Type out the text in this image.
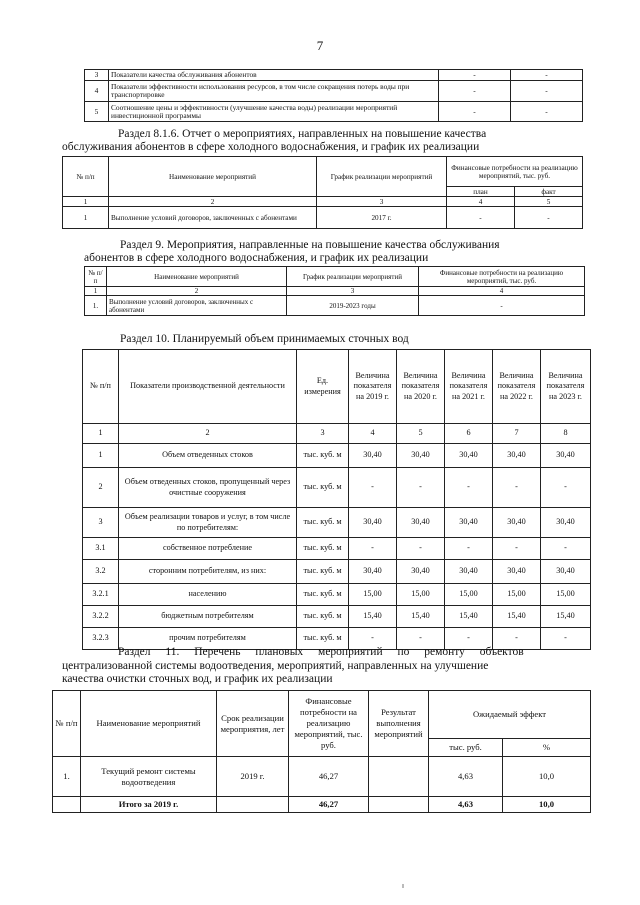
7
3	Показатели качества обслуживания абонентов	-	-
4	Показатели эффективности использования ресурсов, в том числе сокращения потерь воды при транспортировке	-	-
5	Соотношение цены и эффективности (улучшение качества воды) реализации мероприятий инвестиционной программы	-	-
Раздел 8.1.6. Отчет о мероприятиях, направленных на повышение качества
обслуживания абонентов в сфере холодного водоснабжения, и график их реализации
№ п/п	Наименование мероприятий	График реализации мероприятий	Финансовые потребности на реализацию мероприятий, тыс. руб.	
			план	факт
1	2	3	4	5
1	Выполнение условий договоров, заключенных с абонентами	2017 г.	-	-
Раздел 9. Мероприятия, направленные на повышение качества обслуживания
абонентов в сфере холодного водоснабжения, и график их реализации
№ п/п	Наименование мероприятий	График реализации мероприятий	Финансовые потребности на реализацию мероприятий, тыс. руб.
1	2	3	4
1.	Выполнение условий договоров, заключенных с абонентами	2019-2023 годы	-
Раздел 10. Планируемый объем принимаемых сточных вод
№ п/п	Показатели производственной деятельности	Ед. измерения	Величина показателя на 2019 г.	Величина показателя на 2020 г.	Величина показателя на 2021 г.	Величина показателя на 2022 г.	Величина показателя на 2023 г.
1	2	3	4	5	6	7	8
1	Объем отведенных стоков	тыс. куб. м	30,40	30,40	30,40	30,40	30,40
2	Объем отведенных стоков, пропущенный через очистные сооружения	тыс. куб. м	-	-	-	-	-
3	Объем реализации товаров и услуг, в том числе по потребителям:	тыс. куб. м	30,40	30,40	30,40	30,40	30,40
3.1	собственное потребление	тыс. куб. м	-	-	-	-	-
3.2	сторонним потребителям, из них:	тыс. куб. м	30,40	30,40	30,40	30,40	30,40
3.2.1	населению	тыс. куб. м	15,00	15,00	15,00	15,00	15,00
3.2.2	бюджетным потребителям	тыс. куб. м	15,40	15,40	15,40	15,40	15,40
3.2.3	прочим потребителям	тыс. куб. м	-	-	-	-	-
Раздел 11. Перечень плановых мероприятий по ремонту объектов
централизованной системы водоотведения, мероприятий, направленных на улучшение
качества очистки сточных вод, и график их реализации
№ п/п	Наименование мероприятий	Срок реализации мероприятия, лет	Финансовые потребности на реализацию мероприятий, тыс. руб.	Результат выполнения мероприятий	Ожидаемый эффект	
					тыс. руб.	%
1.	Текущий ремонт системы водоотведения	2019 г.	46,27		4,63	10,0
	Итого за 2019 г.		46,27		4,63	10,0
